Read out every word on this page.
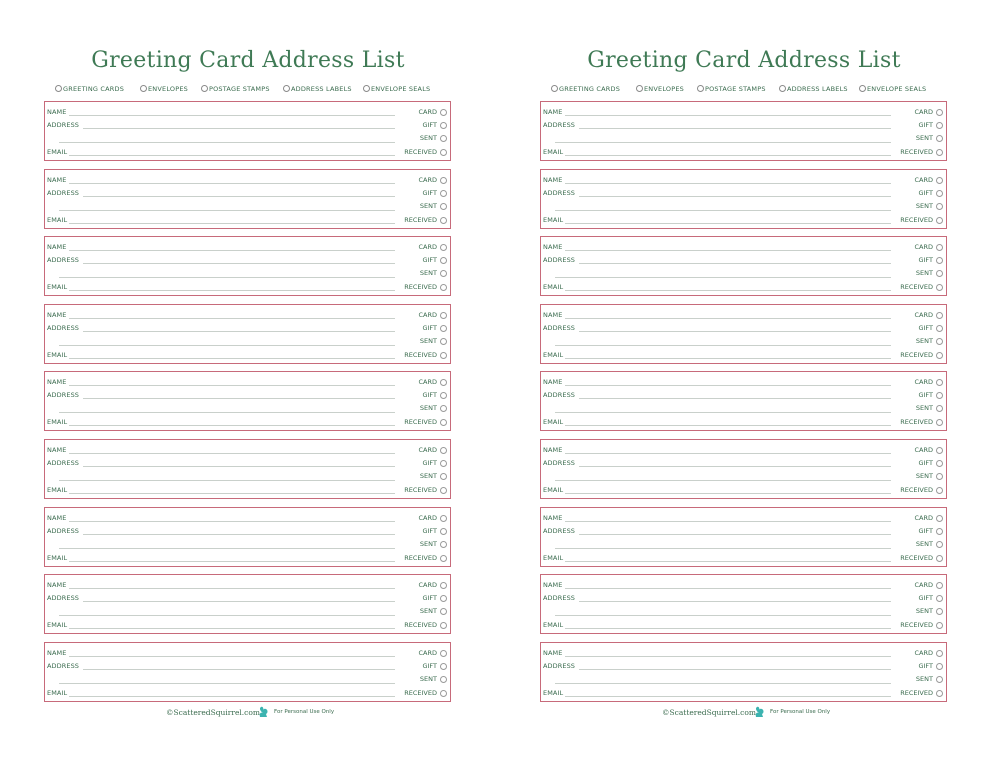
Greeting Card Address List
GREETING CARDS	ENVELOPES	POSTAGE STAMPS	ADDRESS LABELS	ENVELOPE SEALS
NAME
ADDRESS
EMAIL
CARD
GIFT
SENT
RECEIVED
NAME
ADDRESS
EMAIL
CARD
GIFT
SENT
RECEIVED
NAME
ADDRESS
EMAIL
CARD
GIFT
SENT
RECEIVED
NAME
ADDRESS
EMAIL
CARD
GIFT
SENT
RECEIVED
NAME
ADDRESS
EMAIL
CARD
GIFT
SENT
RECEIVED
NAME
ADDRESS
EMAIL
CARD
GIFT
SENT
RECEIVED
NAME
ADDRESS
EMAIL
CARD
GIFT
SENT
RECEIVED
NAME
ADDRESS
EMAIL
CARD
GIFT
SENT
RECEIVED
NAME
ADDRESS
EMAIL
CARD
GIFT
SENT
RECEIVED
©ScatteredSquirrel.com	For Personal Use Only
Greeting Card Address List
GREETING CARDS	ENVELOPES	POSTAGE STAMPS	ADDRESS LABELS	ENVELOPE SEALS
NAME
ADDRESS
EMAIL
CARD
GIFT
SENT
RECEIVED
NAME
ADDRESS
EMAIL
CARD
GIFT
SENT
RECEIVED
NAME
ADDRESS
EMAIL
CARD
GIFT
SENT
RECEIVED
NAME
ADDRESS
EMAIL
CARD
GIFT
SENT
RECEIVED
NAME
ADDRESS
EMAIL
CARD
GIFT
SENT
RECEIVED
NAME
ADDRESS
EMAIL
CARD
GIFT
SENT
RECEIVED
NAME
ADDRESS
EMAIL
CARD
GIFT
SENT
RECEIVED
NAME
ADDRESS
EMAIL
CARD
GIFT
SENT
RECEIVED
NAME
ADDRESS
EMAIL
CARD
GIFT
SENT
RECEIVED
©ScatteredSquirrel.com	For Personal Use Only
